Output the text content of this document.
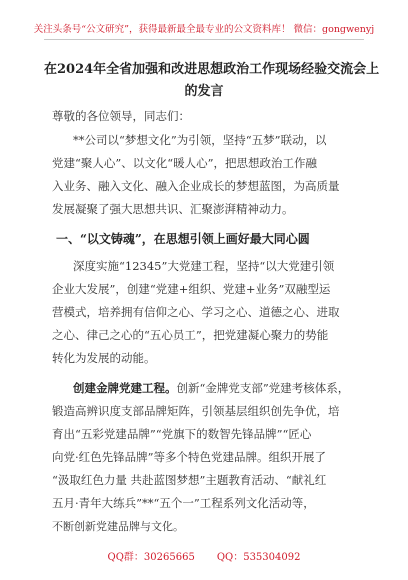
关注头条号“公文研究”，获得最新最全最专业的公文资料库！ 微信：gongwenyj
在2024年全省加强和改进思想政治工作现场经验交流会上
的发言
尊敬的各位领导，同志们：
**公司以“梦想文化”为引领，坚持“五梦”联动，以
党建“聚人心”、以文化“暖人心”，把思想政治工作融
入业务、融入文化、融入企业成长的梦想蓝图，为高质量
发展凝聚了强大思想共识、汇聚澎湃精神动力。
一、“以文铸魂”，在思想引领上画好最大同心圆
深度实施“12345”大党建工程，坚持“以大党建引领
企业大发展”，创建“党建+组织、党建+业务”双融型运
营模式，培养拥有信仰之心、学习之心、道德之心、进取
之心、律己之心的“五心员工”，把党建凝心聚力的势能
转化为发展的动能。
创建金牌党建工程。创新“金牌党支部”党建考核体系，
锻造高辨识度支部品牌矩阵，引领基层组织创先争优，培
育出“五彩党建品牌”“党旗下的数智先锋品牌”“匠心
向党·红色先锋品牌”等多个特色党建品牌。组织开展了
QQ群：30265665 QQ：535304092
“汲取红色力量 共赴蓝图梦想”主题教育活动、“献礼红
五月·青年大练兵”**“五个一”工程系列文化活动等，
不断创新党建品牌与文化。
